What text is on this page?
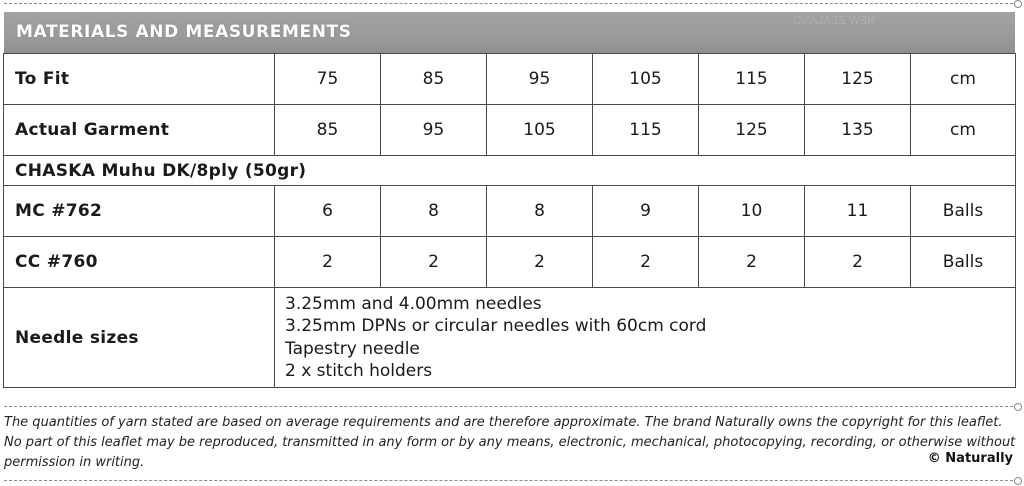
MATERIALS AND MEASUREMENTS
NEW ZEALAND
To Fit	75	85	95	105	115	125	cm
Actual Garment	85	95	105	115	125	135	cm
CHASKA Muhu DK/8ply (50gr)							
MC #762	6	8	8	9	10	11	Balls
CC #760	2	2	2	2	2	2	Balls
Needle sizes	3.25mm and 4.00mm needles
3.25mm DPNs or circular needles with 60cm cord
Tapestry needle
2 x stitch holders						
The quantities of yarn stated are based on average requirements and are therefore approximate. The brand Naturally owns the copyright for this leaflet. No part of this leaflet may be reproduced, transmitted in any form or by any means, electronic, mechanical, photocopying, recording, or otherwise without permission in writing.	© Naturally
